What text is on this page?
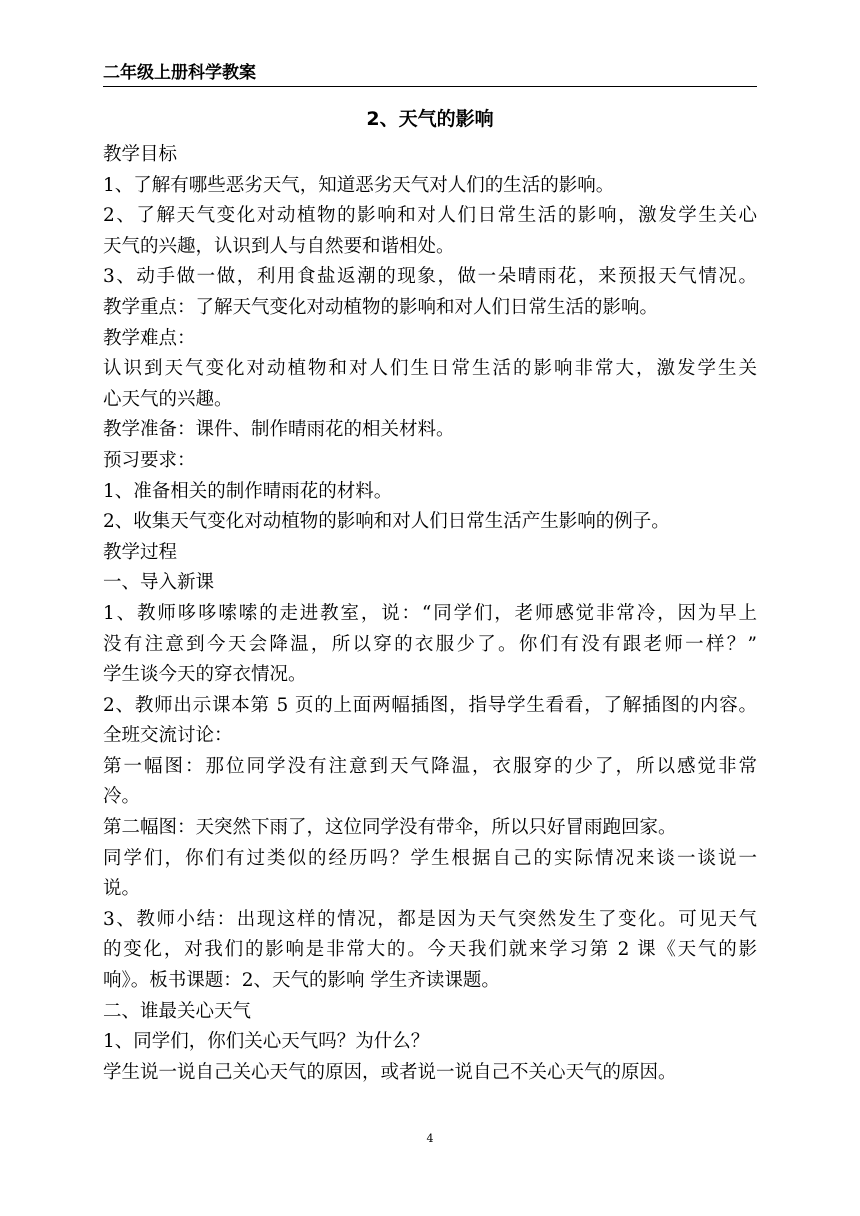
二年级上册科学教案
2、天气的影响
教学目标
1、了解有哪些恶劣天气，知道恶劣天气对人们的生活的影响。
2、了解天气变化对动植物的影响和对人们日常生活的影响，激发学生关心
天气的兴趣，认识到人与自然要和谐相处。
3、动手做一做，利用食盐返潮的现象，做一朵晴雨花，来预报天气情况。
教学重点：了解天气变化对动植物的影响和对人们日常生活的影响。
教学难点：
认识到天气变化对动植物和对人们生日常生活的影响非常大，激发学生关
心天气的兴趣。
教学准备：课件、制作晴雨花的相关材料。
预习要求：
1、准备相关的制作晴雨花的材料。
2、收集天气变化对动植物的影响和对人们日常生活产生影响的例子。
教学过程
一、导入新课
1、教师哆哆嗦嗦的走进教室，说：“同学们，老师感觉非常冷，因为早上
没有注意到今天会降温，所以穿的衣服少了。你们有没有跟老师一样？”
学生谈今天的穿衣情况。
2、教师出示课本第 5 页的上面两幅插图，指导学生看看，了解插图的内容。
全班交流讨论：
第一幅图：那位同学没有注意到天气降温，衣服穿的少了，所以感觉非常
冷。
第二幅图：天突然下雨了，这位同学没有带伞，所以只好冒雨跑回家。
同学们，你们有过类似的经历吗？学生根据自己的实际情况来谈一谈说一
说。
3、教师小结：出现这样的情况，都是因为天气突然发生了变化。可见天气
的变化，对我们的影响是非常大的。今天我们就来学习第 2 课《天气的影
响》。板书课题：2、天气的影响 学生齐读课题。
二、谁最关心天气
1、同学们，你们关心天气吗？为什么？
学生说一说自己关心天气的原因，或者说一说自己不关心天气的原因。
4
